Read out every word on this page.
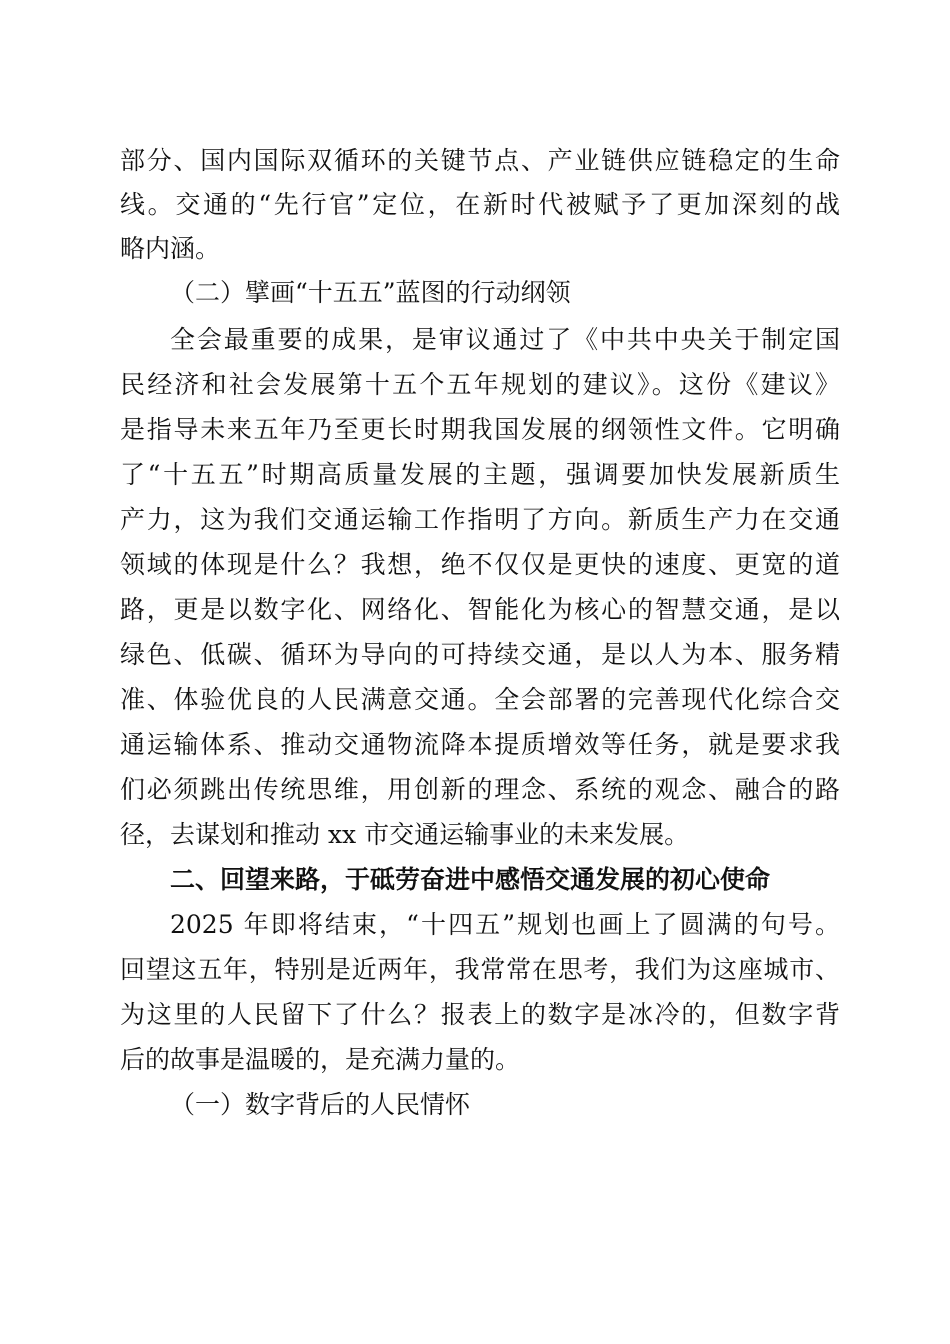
部分、国内国际双循环的关键节点、产业链供应链稳定的生命
线。交通的“先行官”定位，在新时代被赋予了更加深刻的战
略内涵。
（二）擘画“十五五”蓝图的行动纲领
全会最重要的成果，是审议通过了《中共中央关于制定国
民经济和社会发展第十五个五年规划的建议》。这份《建议》
是指导未来五年乃至更长时期我国发展的纲领性文件。它明确
了“十五五”时期高质量发展的主题，强调要加快发展新质生
产力，这为我们交通运输工作指明了方向。新质生产力在交通
领域的体现是什么？我想，绝不仅仅是更快的速度、更宽的道
路，更是以数字化、网络化、智能化为核心的智慧交通，是以
绿色、低碳、循环为导向的可持续交通，是以人为本、服务精
准、体验优良的人民满意交通。全会部署的完善现代化综合交
通运输体系、推动交通物流降本提质增效等任务，就是要求我
们必须跳出传统思维，用创新的理念、系统的观念、融合的路
径，去谋划和推动 xx 市交通运输事业的未来发展。
二、回望来路，于砥劳奋进中感悟交通发展的初心使命
2025 年即将结束，“十四五”规划也画上了圆满的句号。
回望这五年，特别是近两年，我常常在思考，我们为这座城市、
为这里的人民留下了什么？报表上的数字是冰冷的，但数字背
后的故事是温暖的，是充满力量的。
（一）数字背后的人民情怀
